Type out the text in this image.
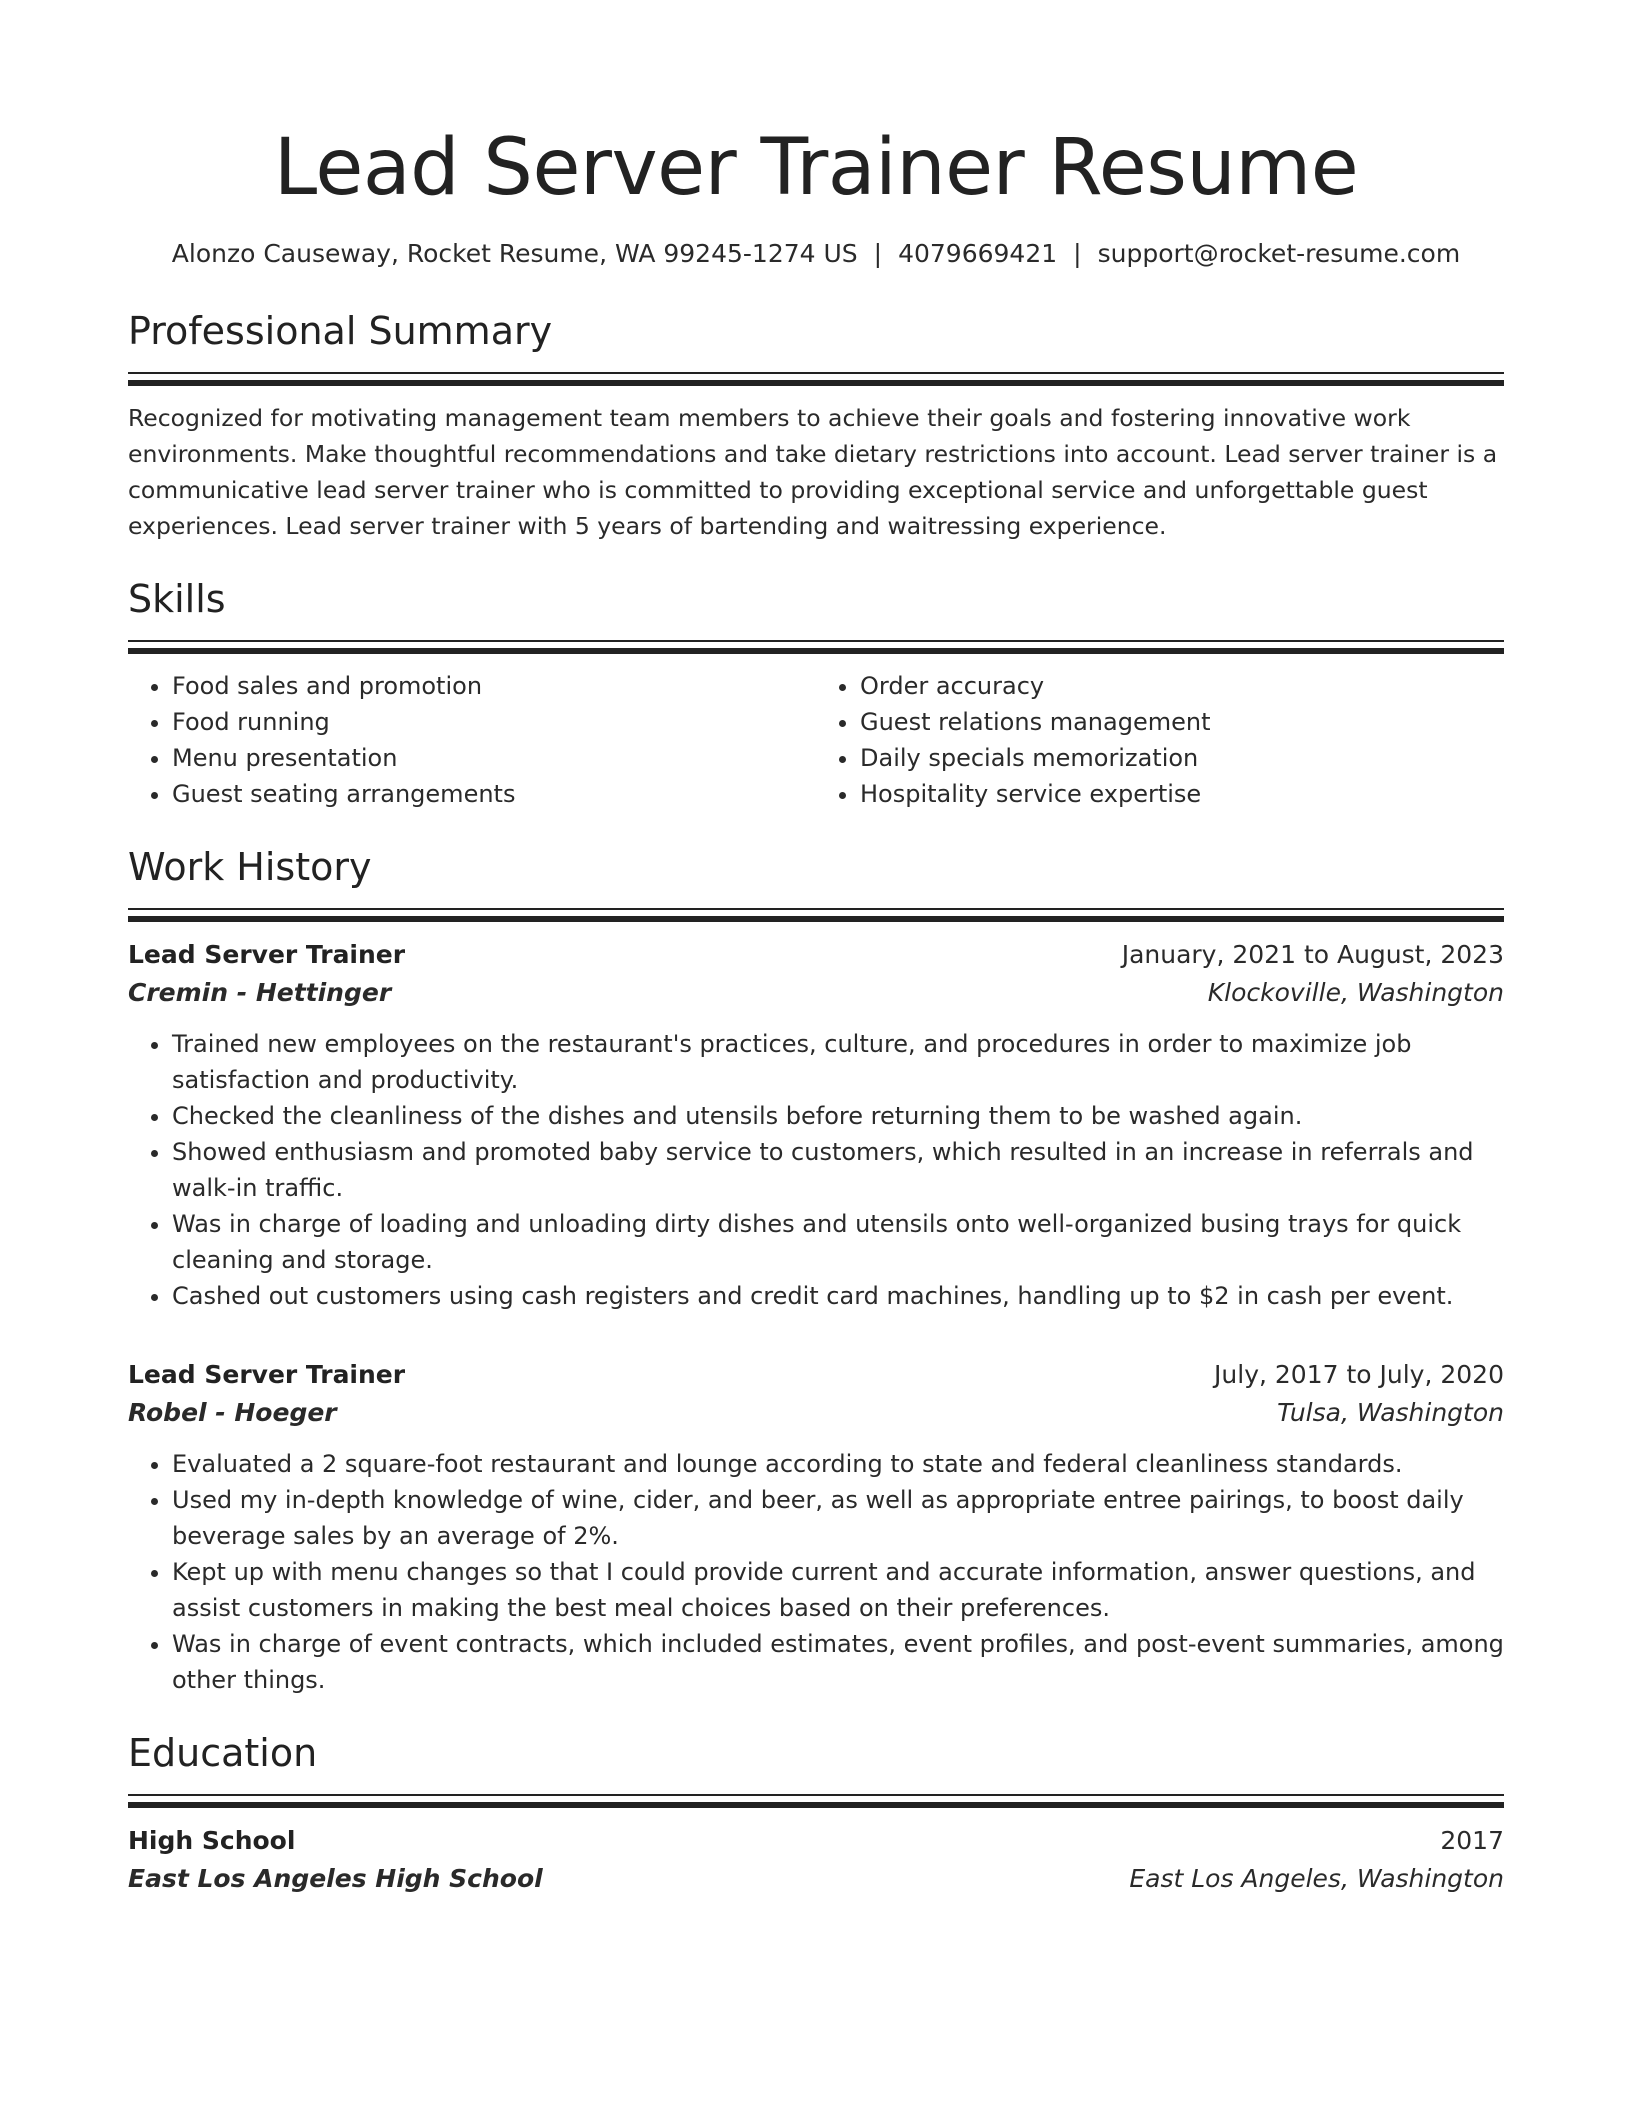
Lead Server Trainer Resume
Alonzo Causeway, Rocket Resume, WA 99245-1274 US | 4079669421 | support@rocket-resume.com
Professional Summary

Recognized for motivating management team members to achieve their goals and fostering innovative work environments. Make thoughtful recommendations and take dietary restrictions into account. Lead server trainer is a communicative lead server trainer who is committed to providing exceptional service and unforgettable guest experiences. Lead server trainer with 5 years of bartending and waitressing experience.

Skills
• Food sales and promotion
• Food running
• Menu presentation
• Guest seating arrangements
• Order accuracy
• Guest relations management
• Daily specials memorization
• Hospitality service expertise
Work History
Lead Server Trainer	January, 2021 to August, 2023
Cremin - Hettinger	Klockoville, Washington
• Trained new employees on the restaurant's practices, culture, and procedures in order to maximize job satisfaction and productivity.
• Checked the cleanliness of the dishes and utensils before returning them to be washed again.
• Showed enthusiasm and promoted baby service to customers, which resulted in an increase in referrals and walk-in traffic.
• Was in charge of loading and unloading dirty dishes and utensils onto well-organized busing trays for quick cleaning and storage.
• Cashed out customers using cash registers and credit card machines, handling up to $2 in cash per event.
Lead Server Trainer	July, 2017 to July, 2020
Robel - Hoeger	Tulsa, Washington
• Evaluated a 2 square-foot restaurant and lounge according to state and federal cleanliness standards.
• Used my in-depth knowledge of wine, cider, and beer, as well as appropriate entree pairings, to boost daily beverage sales by an average of 2%.
• Kept up with menu changes so that I could provide current and accurate information, answer questions, and assist customers in making the best meal choices based on their preferences.
• Was in charge of event contracts, which included estimates, event profiles, and post-event summaries, among other things.
Education
High School	2017
East Los Angeles High School	East Los Angeles, Washington
